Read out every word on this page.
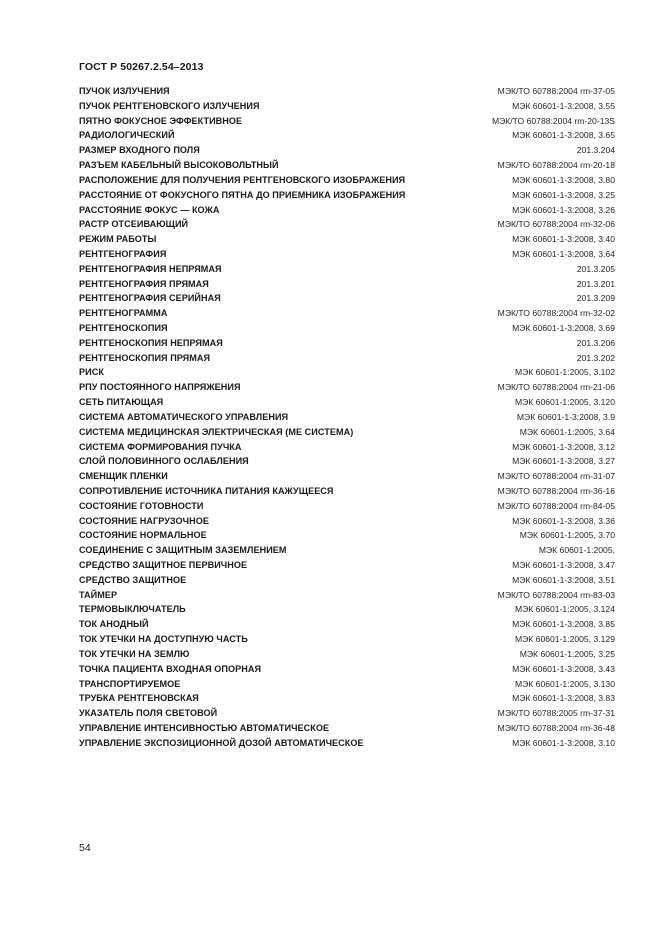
ГОСТ Р 50267.2.54–2013
ПУЧОК ИЗЛУЧЕНИЯ	МЭК/ТО 60788:2004 rm-37-05
ПУЧОК РЕНТГЕНОВСКОГО ИЗЛУЧЕНИЯ	МЭК 60601-1-3:2008, 3.55
ПЯТНО ФОКУСНОЕ ЭФФЕКТИВНОЕ	МЭК/ТО 60788:2004 rm-20-13S
РАДИОЛОГИЧЕСКИЙ	МЭК 60601-1-3:2008, 3.65
РАЗМЕР ВХОДНОГО ПОЛЯ	201.3.204
РАЗЪЕМ КАБЕЛЬНЫЙ ВЫСОКОВОЛЬТНЫЙ	МЭК/ТО 60788:2004 rm-20-18
РАСПОЛОЖЕНИЕ ДЛЯ ПОЛУЧЕНИЯ РЕНТГЕНОВСКОГО ИЗОБРАЖЕНИЯ	МЭК 60601-1-3:2008, 3.80
РАССТОЯНИЕ ОТ ФОКУСНОГО ПЯТНА ДО ПРИЕМНИКА ИЗОБРАЖЕНИЯ	МЭК 60601-1-3:2008, 3.25
РАССТОЯНИЕ ФОКУС — КОЖА	МЭК 60601-1-3:2008, 3.26
РАСТР ОТСЕИВАЮЩИЙ	МЭК/ТО 60788:2004 rm-32-06
РЕЖИМ РАБОТЫ	МЭК 60601-1-3:2008, 3.40
РЕНТГЕНОГРАФИЯ	МЭК 60601-1-3:2008, 3.64
РЕНТГЕНОГРАФИЯ НЕПРЯМАЯ	201.3.205
РЕНТГЕНОГРАФИЯ ПРЯМАЯ	201.3.201
РЕНТГЕНОГРАФИЯ СЕРИЙНАЯ	201.3.209
РЕНТГЕНОГРАММА	МЭК/ТО 60788:2004 rm-32-02
РЕНТГЕНОСКОПИЯ	МЭК 60601-1-3:2008, 3.69
РЕНТГЕНОСКОПИЯ НЕПРЯМАЯ	201.3.206
РЕНТГЕНОСКОПИЯ ПРЯМАЯ	201.3.202
РИСК	МЭК 60601-1:2005, 3.102
РПУ ПОСТОЯННОГО НАПРЯЖЕНИЯ	МЭК/ТО 60788:2004 rm-21-06
СЕТЬ ПИТАЮЩАЯ	МЭК 60601-1:2005, 3.120
СИСТЕМА АВТОМАТИЧЕСКОГО УПРАВЛЕНИЯ	МЭК 60601-1-3:2008, 3.9
СИСТЕМА МЕДИЦИНСКАЯ ЭЛЕКТРИЧЕСКАЯ (МЕ СИСТЕМА)	МЭК 60601-1:2005, 3.64
СИСТЕМА ФОРМИРОВАНИЯ ПУЧКА	МЭК 60601-1-3:2008, 3.12
СЛОЙ ПОЛОВИННОГО ОСЛАБЛЕНИЯ	МЭК 60601-1-3:2008, 3.27
СМЕНЩИК ПЛЕНКИ	МЭК/ТО 60788:2004 rm-31-07
СОПРОТИВЛЕНИЕ ИСТОЧНИКА ПИТАНИЯ КАЖУЩЕЕСЯ	МЭК/ТО 60788:2004 rm-36-16
СОСТОЯНИЕ ГОТОВНОСТИ	МЭК/ТО 60788:2004 rm-84-05
СОСТОЯНИЕ НАГРУЗОЧНОЕ	МЭК 60601-1-3:2008, 3.36
СОСТОЯНИЕ НОРМАЛЬНОЕ	МЭК 60601-1:2005, 3.70
СОЕДИНЕНИЕ С ЗАЩИТНЫМ ЗАЗЕМЛЕНИЕМ	МЭК 60601-1:2005,
СРЕДСТВО ЗАЩИТНОЕ ПЕРВИЧНОЕ	МЭК 60601-1-3:2008, 3.47
СРЕДСТВО ЗАЩИТНОЕ	МЭК 60601-1-3:2008, 3.51
ТАЙМЕР	МЭК/ТО 60788:2004 rm-83-03
ТЕРМОВЫКЛЮЧАТЕЛЬ	МЭК 60601-1:2005, 3.124
ТОК АНОДНЫЙ	МЭК 60601-1-3:2008, 3.85
ТОК УТЕЧКИ НА ДОСТУПНУЮ ЧАСТЬ	МЭК 60601-1:2005, 3.129
ТОК УТЕЧКИ НА ЗЕМЛЮ	МЭК 60601-1:2005, 3.25
ТОЧКА ПАЦИЕНТА ВХОДНАЯ ОПОРНАЯ	МЭК 60601-1-3:2008, 3.43
ТРАНСПОРТИРУЕМОЕ	МЭК 60601-1:2005, 3.130
ТРУБКА РЕНТГЕНОВСКАЯ	МЭК 60601-1-3:2008, 3.83
УКАЗАТЕЛЬ ПОЛЯ СВЕТОВОЙ	МЭК/ТО 60788:2005 rm-37-31
УПРАВЛЕНИЕ ИНТЕНСИВНОСТЬЮ АВТОМАТИЧЕСКОЕ	МЭК/ТО 60788:2004 rm-36-48
УПРАВЛЕНИЕ ЭКСПОЗИЦИОННОЙ ДОЗОЙ АВТОМАТИЧЕСКОЕ	МЭК 60601-1-3:2008, 3.10
54
